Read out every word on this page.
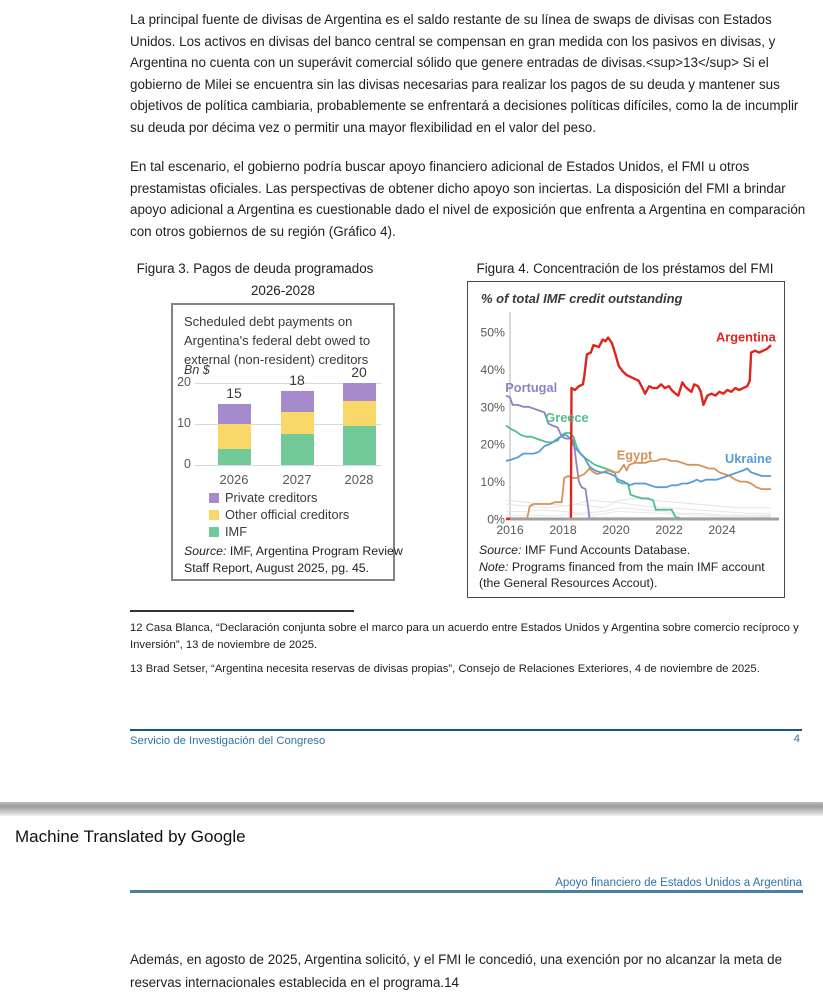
La principal fuente de divisas de Argentina es el saldo restante de su línea de swaps de divisas con Estados Unidos. Los activos en divisas del banco central se compensan en gran medida con los pasivos en divisas, y Argentina no cuenta con un superávit comercial sólido que genere entradas de divisas.<sup>13</sup> Si el gobierno de Milei se encuentra sin las divisas necesarias para realizar los pagos de su deuda y mantener sus objetivos de política cambiaria, probablemente se enfrentará a decisiones políticas difíciles, como la de incumplir su deuda por décima vez o permitir una mayor flexibilidad en el valor del peso.
En tal escenario, el gobierno podría buscar apoyo financiero adicional de Estados Unidos, el FMI u otros prestamistas oficiales. Las perspectivas de obtener dicho apoyo son inciertas. La disposición del FMI a brindar apoyo adicional a Argentina es cuestionable dado el nivel de exposición que enfrenta a Argentina en comparación con otros gobiernos de su región (Gráfico 4).
Figura 3. Pagos de deuda programados
2026-2028
Figura 4. Concentración de los préstamos del FMI
0
10
20
15
2026
18
2027
20
2028
Scheduled debt payments on
Argentina's federal debt owed to
external (non-resident) creditors
Bn $
Private creditors
Other official creditors
IMF
Source: IMF, Argentina Program Review
Staff Report, August 2025, pg. 45.
0%
10%
20%
30%
40%
50%
2016 2018 2020 2022 2024
Portugal
Greece
Egypt	Ukraine
Argentina
% of total IMF credit outstanding
Source: IMF Fund Accounts Database.
Note: Programs financed from the main IMF account
(the General Resources Accout).
12 Casa Blanca, “Declaración conjunta sobre el marco para un acuerdo entre Estados Unidos y Argentina sobre comercio recíproco y Inversión”, 13 de noviembre de 2025.
13 Brad Setser, “Argentina necesita reservas de divisas propias”, Consejo de Relaciones Exteriores, 4 de noviembre de 2025.
Servicio de Investigación del Congreso	4
Machine Translated by Google
Apoyo financiero de Estados Unidos a Argentina
Además, en agosto de 2025, Argentina solicitó, y el FMI le concedió, una exención por no alcanzar la meta de reservas internacionales establecida en el programa.14
